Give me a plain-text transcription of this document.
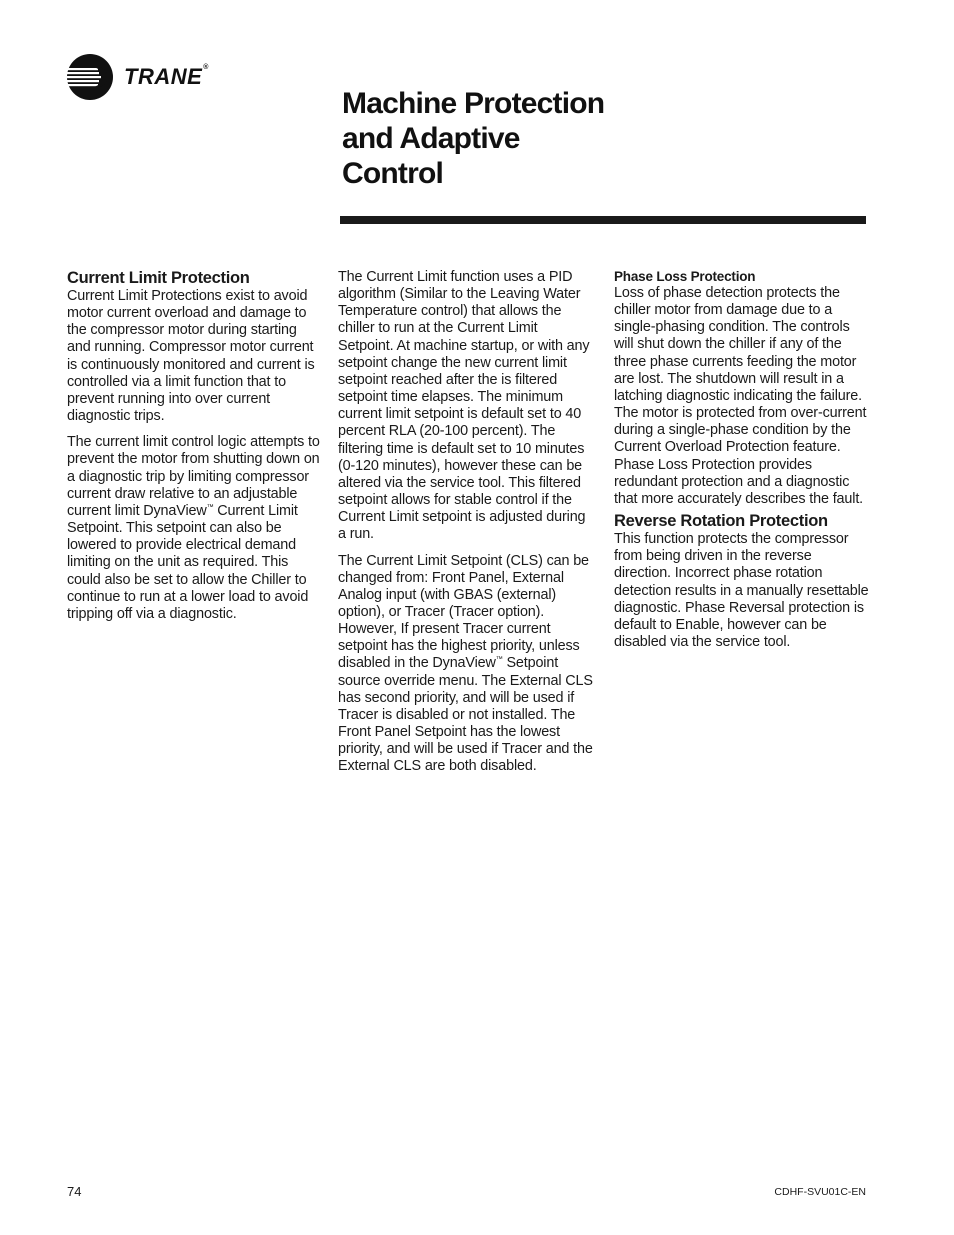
TRANE®
Machine Protection
and Adaptive
Control
Current Limit Protection

Current Limit Protections exist to avoid motor current overload and damage to the compressor motor during starting and running. Compressor motor current is continuously monitored and current is controlled via a limit function that to prevent running into over current diagnostic trips.

The current limit control logic attempts to prevent the motor from shutting down on a diagnostic trip by limiting compressor current draw relative to an adjustable current limit DynaView™ Current Limit Setpoint. This setpoint can also be lowered to provide electrical demand limiting on the unit as required. This could also be set to allow the Chiller to continue to run at a lower load to avoid tripping off via a diagnostic.

The Current Limit function uses a PID algorithm (Similar to the Leaving Water Temperature control) that allows the chiller to run at the Current Limit Setpoint. At machine startup, or with any setpoint change the new current limit setpoint reached after the is filtered setpoint time elapses. The minimum current limit setpoint is default set to 40 percent RLA (20-100 percent). The filtering time is default set to 10 minutes (0-120 minutes), however these can be altered via the service tool. This filtered setpoint allows for stable control if the Current Limit setpoint is adjusted during a run.

The Current Limit Setpoint (CLS) can be changed from: Front Panel, External Analog input (with GBAS (external) option), or Tracer (Tracer option). However, If present Tracer current setpoint has the highest priority, unless disabled in the DynaView™ Setpoint source override menu. The External CLS has second priority, and will be used if Tracer is disabled or not installed. The Front Panel Setpoint has the lowest priority, and will be used if Tracer and the External CLS are both disabled.

Phase Loss Protection

Loss of phase detection protects the chiller motor from damage due to a single-phasing condition. The controls will shut down the chiller if any of the three phase currents feeding the motor are lost. The shutdown will result in a latching diagnostic indicating the failure. The motor is protected from over-current during a single-phase condition by the Current Overload Protection feature. Phase Loss Protection provides redundant protection and a diagnostic that more accurately describes the fault.

Reverse Rotation Protection

This function protects the compressor from being driven in the reverse direction. Incorrect phase rotation detection results in a manually resettable diagnostic. Phase Reversal protection is default to Enable, however can be disabled via the service tool.

74	CDHF-SVU01C-EN
